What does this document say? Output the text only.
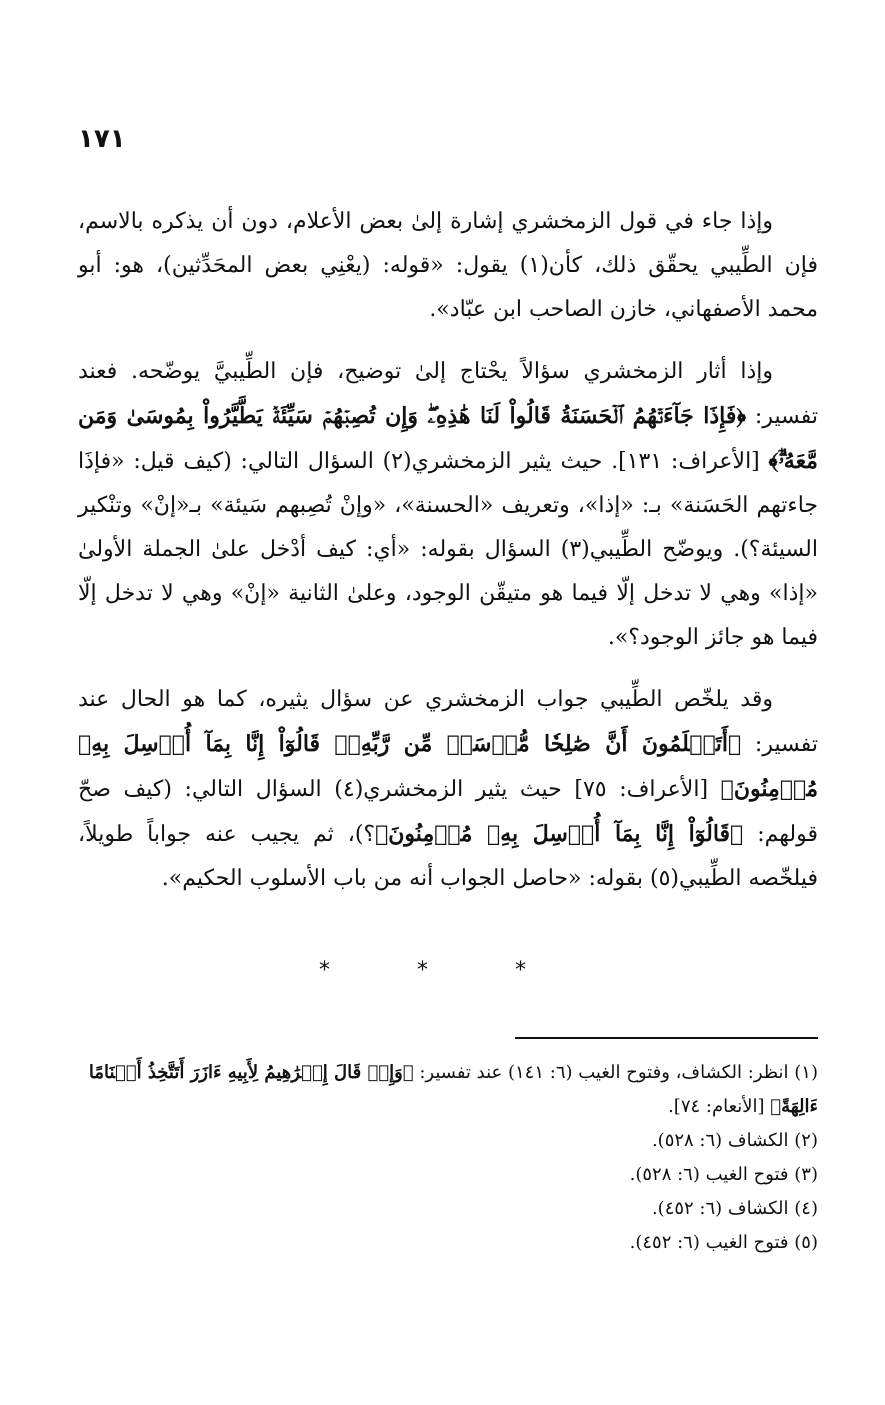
١٧١

وإذا جاء في قول الزمخشري إشارة إلىٰ بعض الأعلام، دون أن يذكره بالاسم، فإن الطِّيبي يحقّق ذلك، كأن(١) يقول: «قوله: (يعْنِي بعض المحَدِّثين)، هو: أبو محمد الأصفهاني، خازن الصاحب ابن عبّاد».

وإذا أثار الزمخشري سؤالاً يحْتاج إلىٰ توضيح، فإن الطِّيبيَّ يوضّحه. فعند تفسير: ﴿فَإِذَا جَآءَتۡهُمُ ٱلۡحَسَنَةُ قَالُواْ لَنَا هَٰذِهِۦۖ وَإِن تُصِبۡهُمۡ سَيِّئَةٞ يَطَّيَّرُواْ بِمُوسَىٰ وَمَن مَّعَهُۥٓۗ﴾ [الأعراف: ١٣١]. حيث يثير الزمخشري(٢) السؤال التالي: (كيف قيل: «فإذَا جاءتهم الحَسَنة» بـ: «إذا»، وتعريف «الحسنة»، «وإنْ تُصِبهم سَيئة» بـ«إنْ» وتنْكير السيئة؟). ويوضّح الطِّيبي(٣) السؤال بقوله: «أي: كيف أدْخل علىٰ الجملة الأولىٰ «إذا» وهي لا تدخل إلّا فيما هو متيقّن الوجود، وعلىٰ الثانية «إنْ» وهي لا تدخل إلّا فيما هو جائز الوجود؟».

وقد يلخّص الطِّيبي جواب الزمخشري عن سؤال يثيره، كما هو الحال عند تفسير: ﴿أَتَعۡلَمُونَ أَنَّ صَٰلِحٗا مُّرۡسَلٞ مِّن رَّبِّهِۦۚ قَالُوٓاْ إِنَّا بِمَآ أُرۡسِلَ بِهِۦ مُؤۡمِنُونَ﴾ [الأعراف: ٧٥] حيث يثير الزمخشري(٤) السؤال التالي: (كيف صحّ قولهم: ﴿قَالُوٓاْ إِنَّا بِمَآ أُرۡسِلَ بِهِۦ مُؤۡمِنُونَ﴾؟)، ثم يجيب عنه جواباً طويلاً، فيلخّصه الطِّيبي(٥) بقوله: «حاصل الجواب أنه من باب الأسلوب الحكيم».

* * *

(١) انظر: الكشاف، وفتوح الغيب (٦: ١٤١) عند تفسير: ﴿وَإِذۡ قَالَ إِبۡرَٰهِيمُ لِأَبِيهِ ءَازَرَ أَتَتَّخِذُ أَصۡنَامًا ءَالِهَةً﴾ [الأنعام: ٧٤].

(٢) الكشاف (٦: ٥٢٨).

(٣) فتوح الغيب (٦: ٥٢٨).

(٤) الكشاف (٦: ٤٥٢).

(٥) فتوح الغيب (٦: ٤٥٢).
